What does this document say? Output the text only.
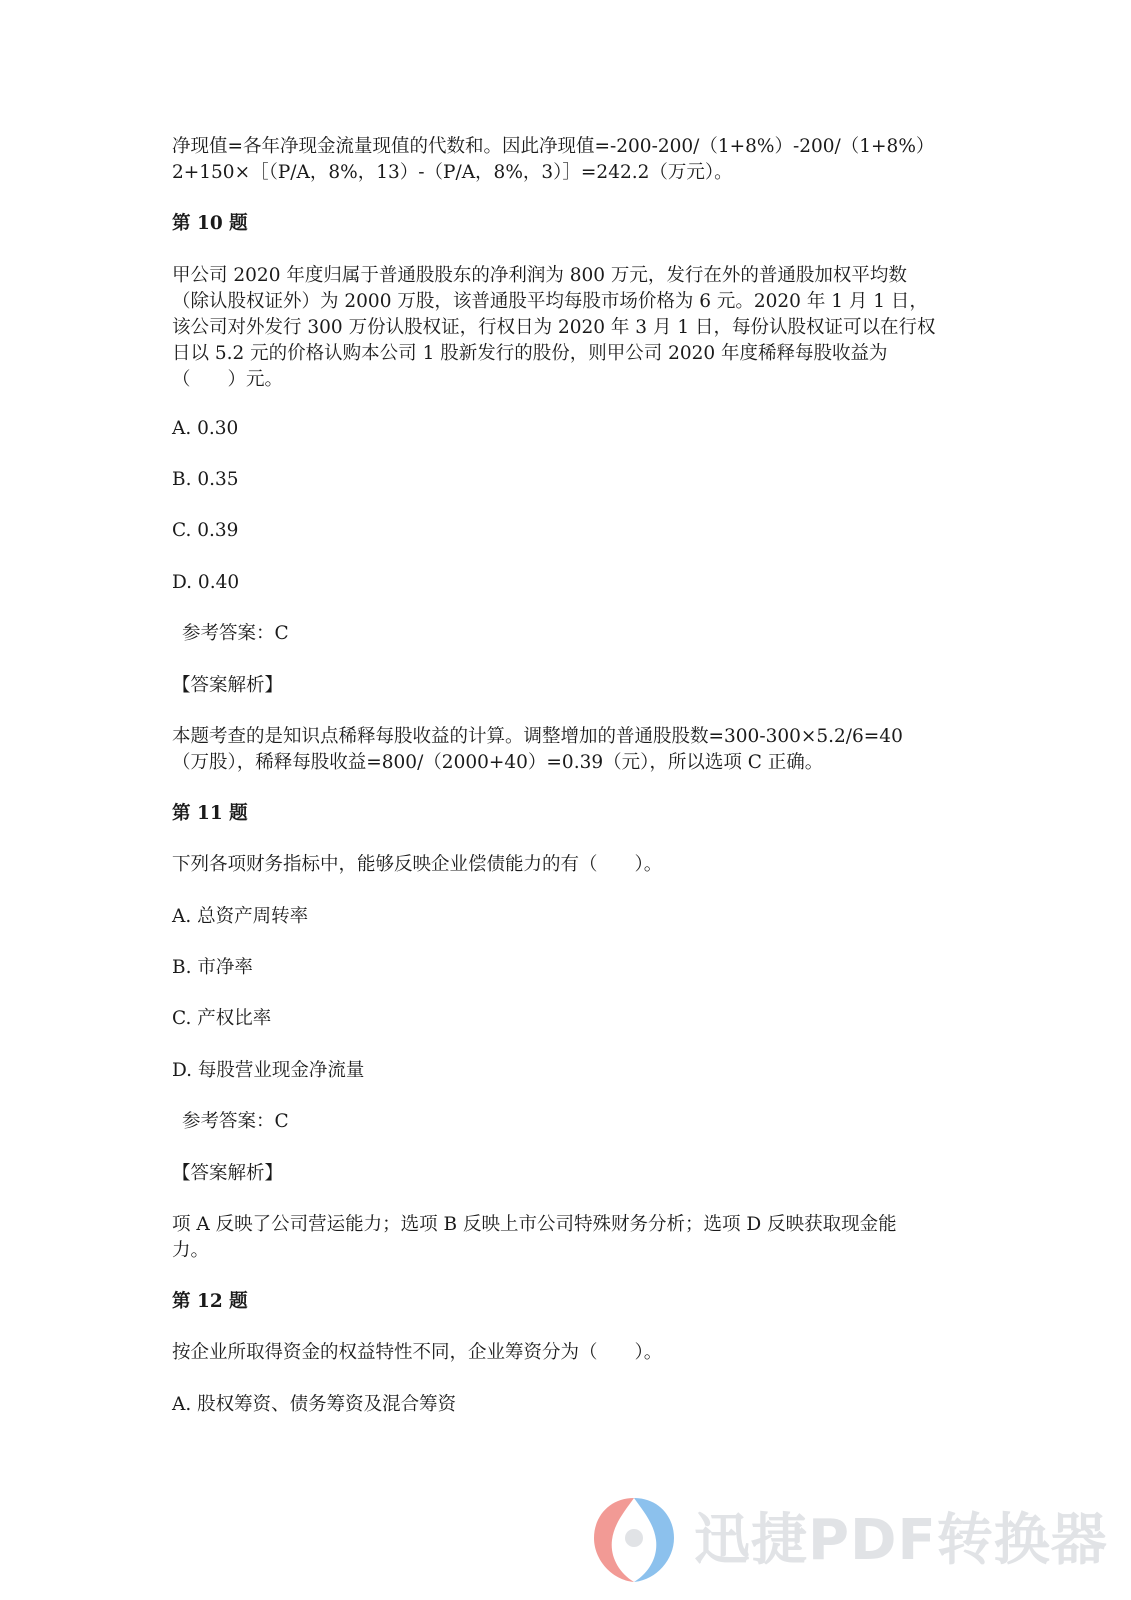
净现值=各年净现金流量现值的代数和。因此净现值=-200-200/（1+8%）-200/（1+8%）
2+150×［（P/A，8%，13）-（P/A，8%，3）］=242.2（万元）。
第 10 题
甲公司 2020 年度归属于普通股股东的净利润为 800 万元，发行在外的普通股加权平均数
（除认股权证外）为 2000 万股，该普通股平均每股市场价格为 6 元。2020 年 1 月 1 日，
该公司对外发行 300 万份认股权证，行权日为 2020 年 3 月 1 日，每份认股权证可以在行权
日以 5.2 元的价格认购本公司 1 股新发行的股份，则甲公司 2020 年度稀释每股收益为
（　　）元。
A. 0.30
B. 0.35
C. 0.39
D. 0.40
参考答案：C
【答案解析】
本题考查的是知识点稀释每股收益的计算。调整增加的普通股股数=300-300×5.2/6=40
（万股），稀释每股收益=800/（2000+40）=0.39（元），所以选项 C 正确。
第 11 题
下列各项财务指标中，能够反映企业偿债能力的有（　　）。
A. 总资产周转率
B. 市净率
C. 产权比率
D. 每股营业现金净流量
参考答案：C
【答案解析】
项 A 反映了公司营运能力；选项 B 反映上市公司特殊财务分析；选项 D 反映获取现金能
力。
第 12 题
按企业所取得资金的权益特性不同，企业筹资分为（　　）。
A. 股权筹资、债务筹资及混合筹资
迅捷PDF转换器
